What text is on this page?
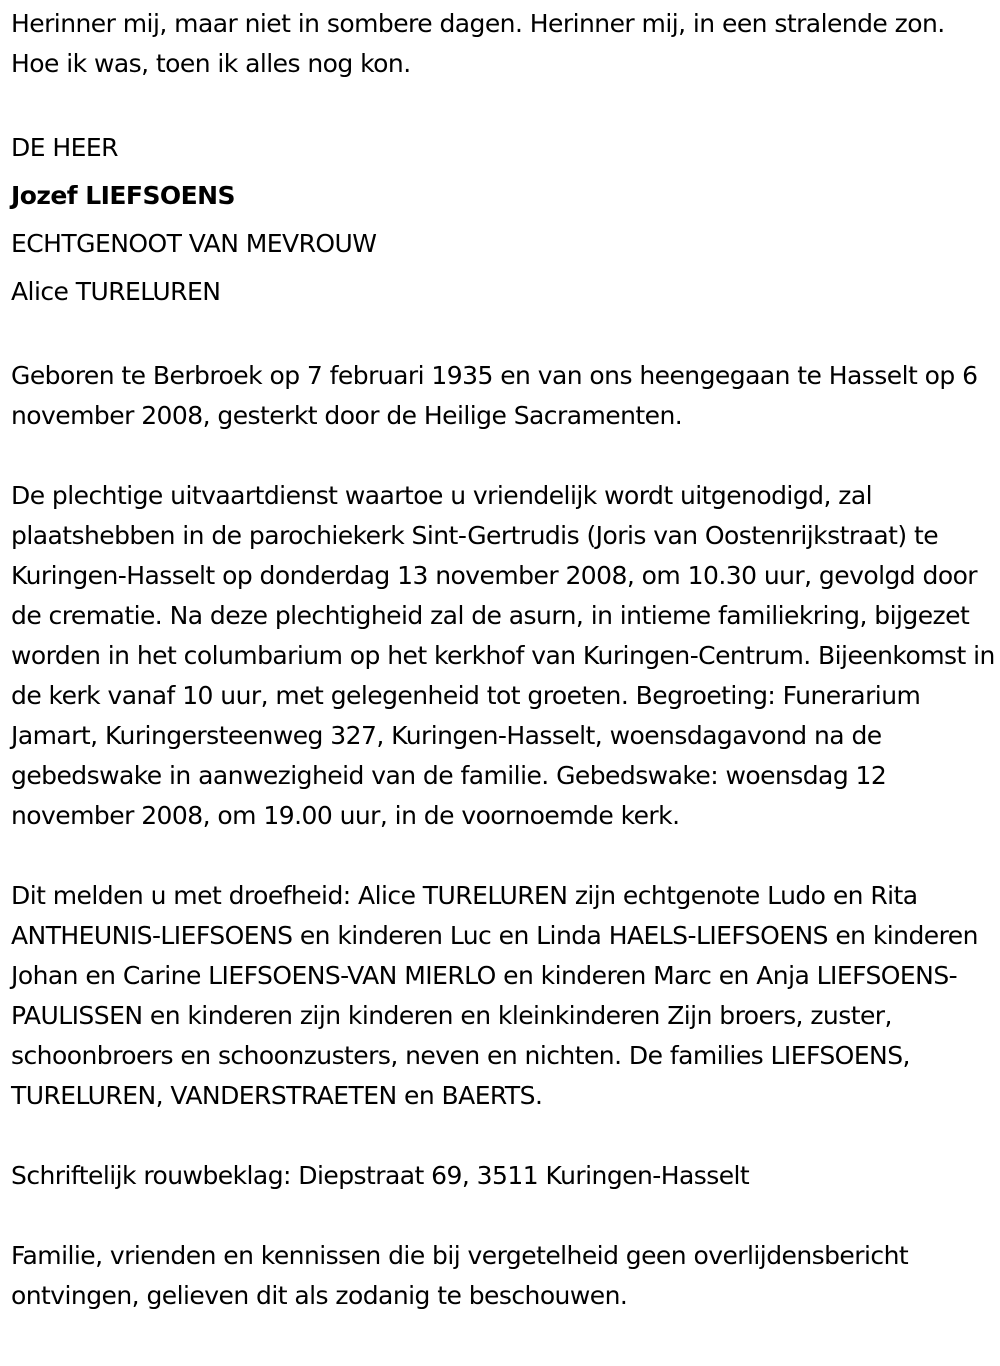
Herinner mij, maar niet in sombere dagen. Herinner mij, in een stralende zon. Hoe ik was, toen ik alles nog kon.

DE HEER

Jozef LIEFSOENS

ECHTGENOOT VAN MEVROUW

Alice TURELUREN

Geboren te Berbroek op 7 februari 1935 en van ons heengegaan te Hasselt op 6 november 2008, gesterkt door de Heilige Sacramenten.

De plechtige uitvaartdienst waartoe u vriendelijk wordt uitgenodigd, zal plaatshebben in de parochiekerk Sint-Gertrudis (Joris van Oostenrijkstraat) te Kuringen-Hasselt op donderdag 13 november 2008, om 10.30 uur, gevolgd door de crematie. Na deze plechtigheid zal de asurn, in intieme familiekring, bijgezet worden in het columbarium op het kerkhof van Kuringen-Centrum. Bijeenkomst in de kerk vanaf 10 uur, met gelegenheid tot groeten. Begroeting: Funerarium Jamart, Kuringersteenweg 327, Kuringen-Hasselt, woensdagavond na de gebedswake in aanwezigheid van de familie. Gebedswake: woensdag 12 november 2008, om 19.00 uur, in de voornoemde kerk.

Dit melden u met droefheid: Alice TURELUREN zijn echtgenote Ludo en Rita ANTHEUNIS-LIEFSOENS en kinderen Luc en Linda HAELS-LIEFSOENS en kinderen Johan en Carine LIEFSOENS-VAN MIERLO en kinderen Marc en Anja LIEFSOENS-PAULISSEN en kinderen zijn kinderen en kleinkinderen Zijn broers, zuster, schoonbroers en schoonzusters, neven en nichten. De families LIEFSOENS, TURELUREN, VANDERSTRAETEN en BAERTS.

Schriftelijk rouwbeklag: Diepstraat 69, 3511 Kuringen-Hasselt

Familie, vrienden en kennissen die bij vergetelheid geen overlijdensbericht ontvingen, gelieven dit als zodanig te beschouwen.
